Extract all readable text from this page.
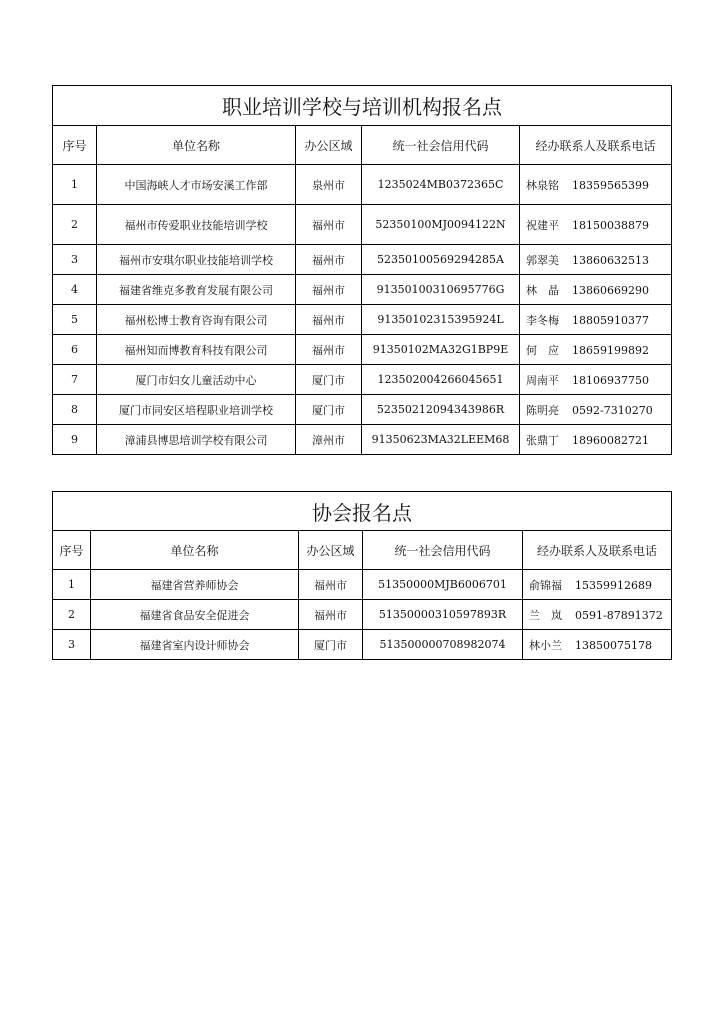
职业培训学校与培训机构报名点				
序号	单位名称	办公区域	统一社会信用代码	经办联系人及联系电话
1	中国海峡人才市场安溪工作部	泉州市	1235024MB0372365C	林泉铭 18359565399
2	福州市传爱职业技能培训学校	福州市	52350100MJ0094122N	祝建平 18150038879
3	福州市安琪尔职业技能培训学校	福州市	52350100569294285A	郭翠美 13860632513
4	福建省维克多教育发展有限公司	福州市	91350100310695776G	林　晶 13860669290
5	福州松博士教育咨询有限公司	福州市	91350102315395924L	李冬梅 18805910377
6	福州知而博教育科技有限公司	福州市	91350102MA32G1BP9E	何　应 18659199892
7	厦门市妇女儿童活动中心	厦门市	123502004266045651	周南平 18106937750
8	厦门市同安区培程职业培训学校	厦门市	52350212094343986R	陈明亮 0592-7310270
9	漳浦县博思培训学校有限公司	漳州市	91350623MA32LEEM68	张鼎丁 18960082721
协会报名点				
序号	单位名称	办公区域	统一社会信用代码	经办联系人及联系电话
1	福建省营养师协会	福州市	51350000MJB6006701	俞锦福 15359912689
2	福建省食品安全促进会	福州市	51350000310597893R	兰　岚 0591-87891372
3	福建省室内设计师协会	厦门市	51350000070898207​4	林小兰 13850075178
